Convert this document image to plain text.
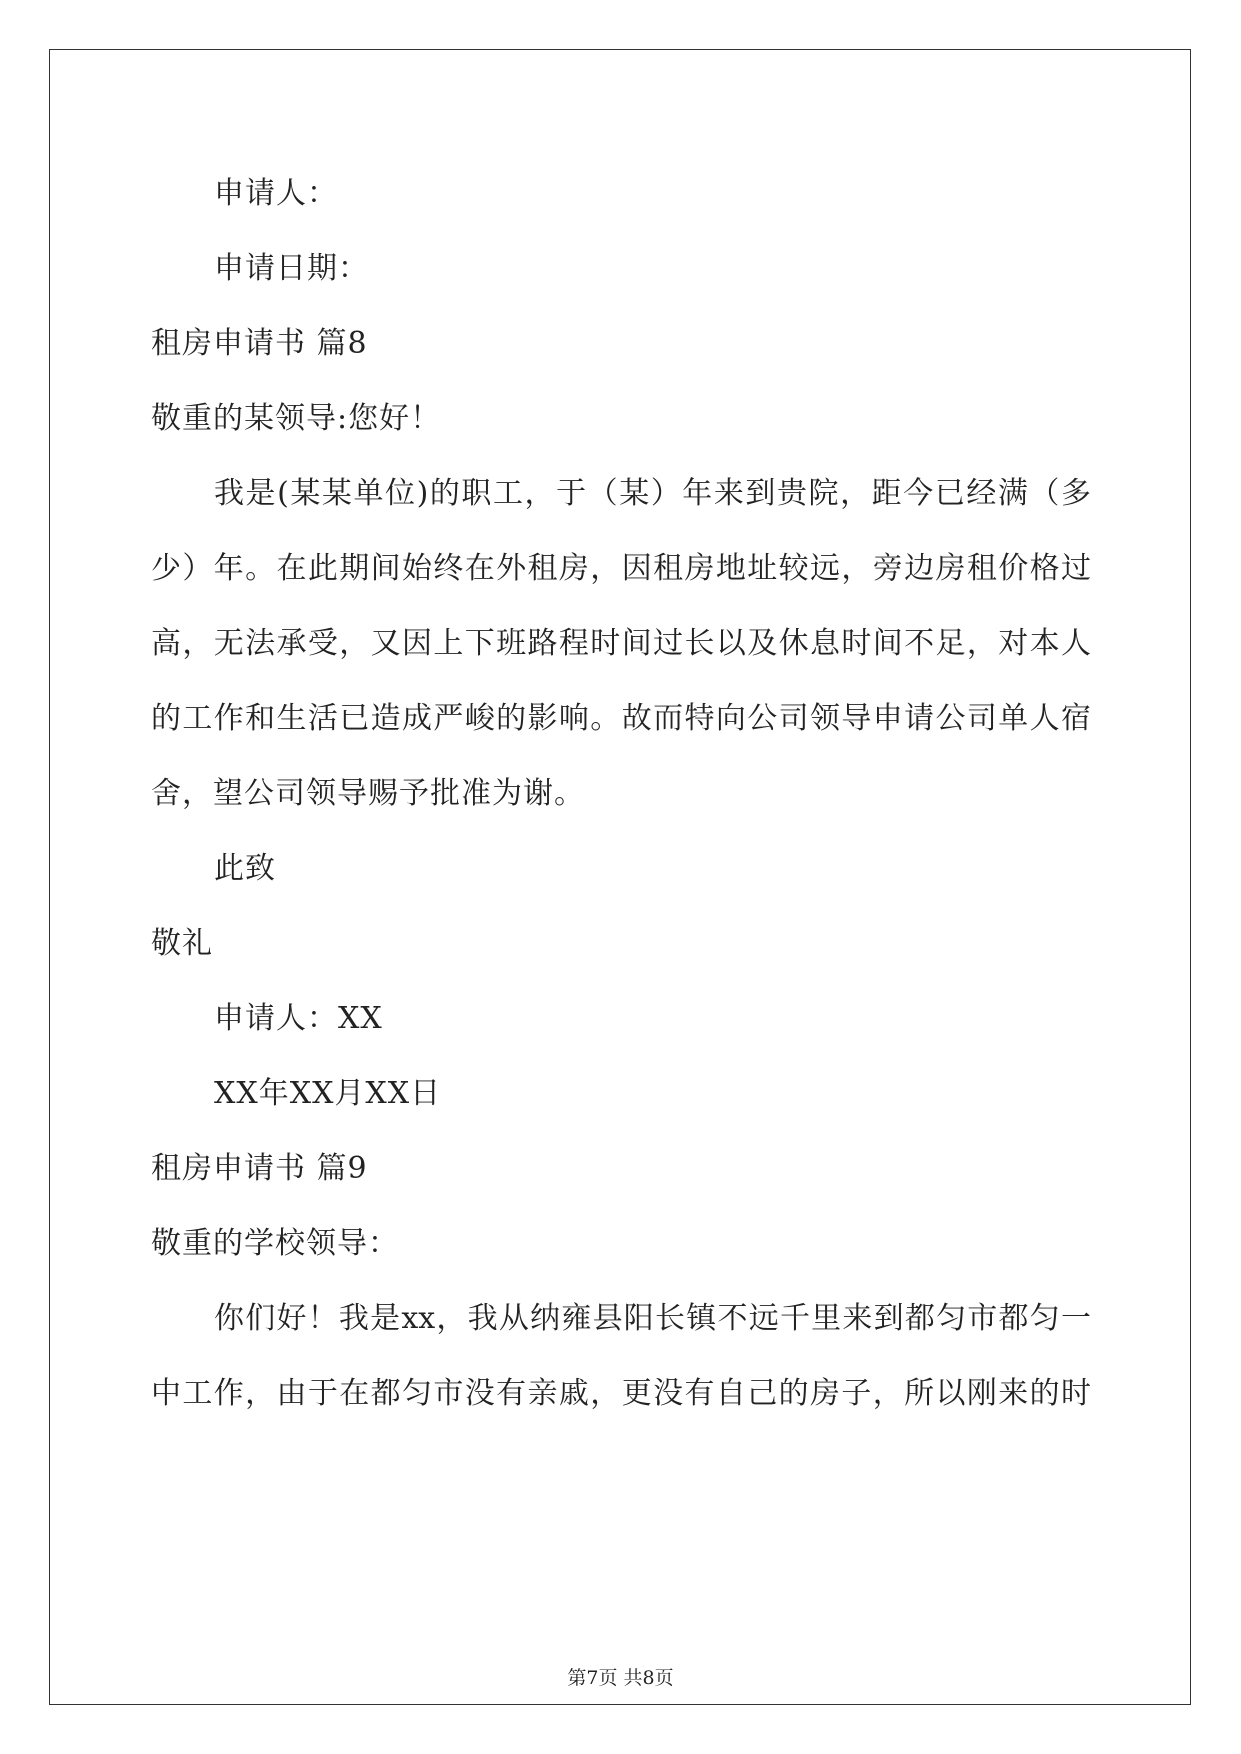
申请人：
申请日期：
租房申请书 篇8
敬重的某领导:您好！
我是(某某单位)的职工，于（某）年来到贵院，距今已经满（多
少）年。在此期间始终在外租房，因租房地址较远，旁边房租价格过
高，无法承受，又因上下班路程时间过长以及休息时间不足，对本人
的工作和生活已造成严峻的影响。故而特向公司领导申请公司单人宿
舍，望公司领导赐予批准为谢。
此致
敬礼
申请人：XX
XX年XX月XX日
租房申请书 篇9
敬重的学校领导：
你们好！我是xx，我从纳雍县阳长镇不远千里来到都匀市都匀一
中工作，由于在都匀市没有亲戚，更没有自己的房子，所以刚来的时
第7页 共8页
